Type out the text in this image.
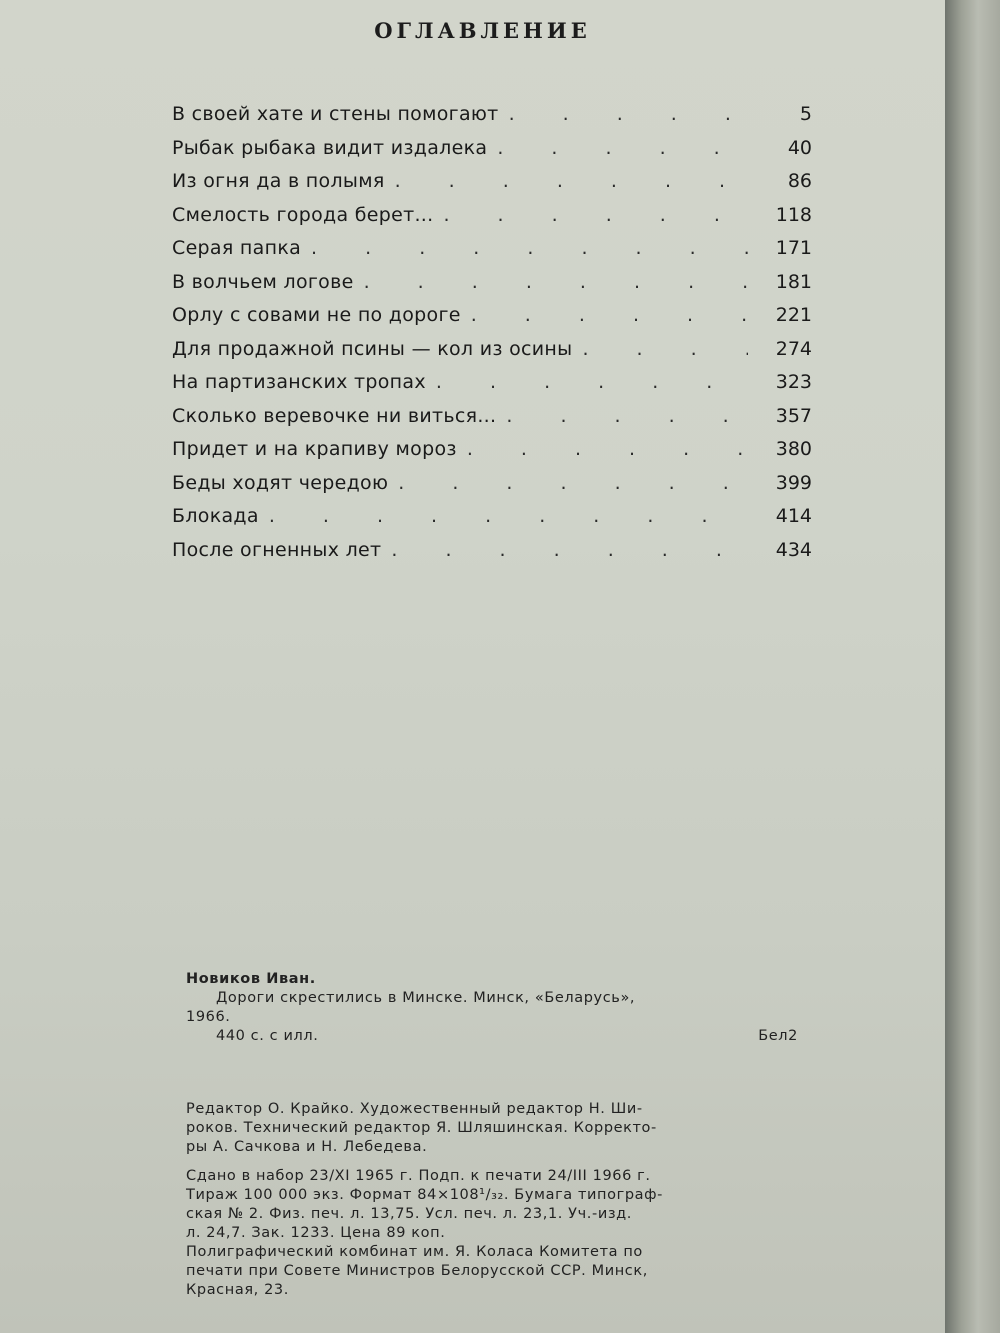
ОГЛАВЛЕНИЕ
В своей хате и стены помогают . . .	5
Рыбак рыбака видит издалека . . .	40
Из огня да в полымя . . .	86
Смелость города берет... . . .	118
Серая папка . . .	171
В волчьем логове . . .	181
Орлу с совами не по дороге . . .	221
Для продажной псины — кол из осины . . .	274
На партизанских тропах . . .	323
Сколько веревочке ни виться... . . .	357
Придет и на крапиву мороз . . .	380
Беды ходят чередою . . .	399
Блокада . . .	414
После огненных лет . . .	434
Новиков Иван.
Дороги скрестились в Минске. Минск, «Беларусь»,
1966.
440 с. с илл.	Бел2
Редактор О. Крайко. Художественный редактор Н. Ши-
роков. Технический редактор Я. Шляшинская. Корректо-
ры А. Сачкова и Н. Лебедева.
Сдано в набор 23/XI 1965 г. Подп. к печати 24/III 1966 г.
Тираж 100 000 экз. Формат 84×108¹/₃₂. Бумага типограф-
ская № 2. Физ. печ. л. 13,75. Усл. печ. л. 23,1. Уч.-изд.
л. 24,7. Зак. 1233. Цена 89 коп.
Полиграфический комбинат им. Я. Коласа Комитета по
печати при Совете Министров Белорусской ССР. Минск,
Красная, 23.
